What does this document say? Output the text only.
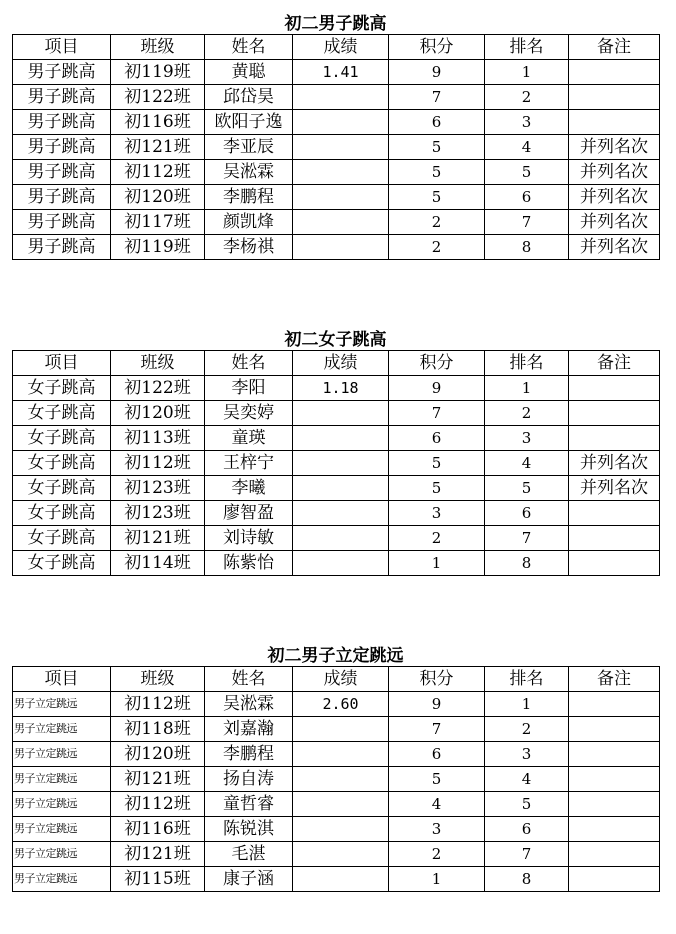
初二男子跳高
项目	班级	姓名	成绩	积分	排名	备注
男子跳高	初119班	黄聪	1.41	9	1	
男子跳高	初122班	邱岱昊		7	2	
男子跳高	初116班	欧阳子逸		6	3	
男子跳高	初121班	李亚辰		5	4	并列名次
男子跳高	初112班	吴淞霖		5	5	并列名次
男子跳高	初120班	李鹏程		5	6	并列名次
男子跳高	初117班	颜凯烽		2	7	并列名次
男子跳高	初119班	李杨祺		2	8	并列名次
初二女子跳高
项目	班级	姓名	成绩	积分	排名	备注
女子跳高	初122班	李阳	1.18	9	1	
女子跳高	初120班	吴奕婷		7	2	
女子跳高	初113班	童瑛		6	3	
女子跳高	初112班	王梓宁		5	4	并列名次
女子跳高	初123班	李曦		5	5	并列名次
女子跳高	初123班	廖智盈		3	6	
女子跳高	初121班	刘诗敏		2	7	
女子跳高	初114班	陈紫怡		1	8	
初二男子立定跳远
项目	班级	姓名	成绩	积分	排名	备注
男子立定跳远	初112班	吴淞霖	2.60	9	1	
男子立定跳远	初118班	刘嘉瀚		7	2	
男子立定跳远	初120班	李鹏程		6	3	
男子立定跳远	初121班	扬自涛		5	4	
男子立定跳远	初112班	童哲睿		4	5	
男子立定跳远	初116班	陈锐淇		3	6	
男子立定跳远	初121班	毛湛		2	7	
男子立定跳远	初115班	康子涵		1	8	
